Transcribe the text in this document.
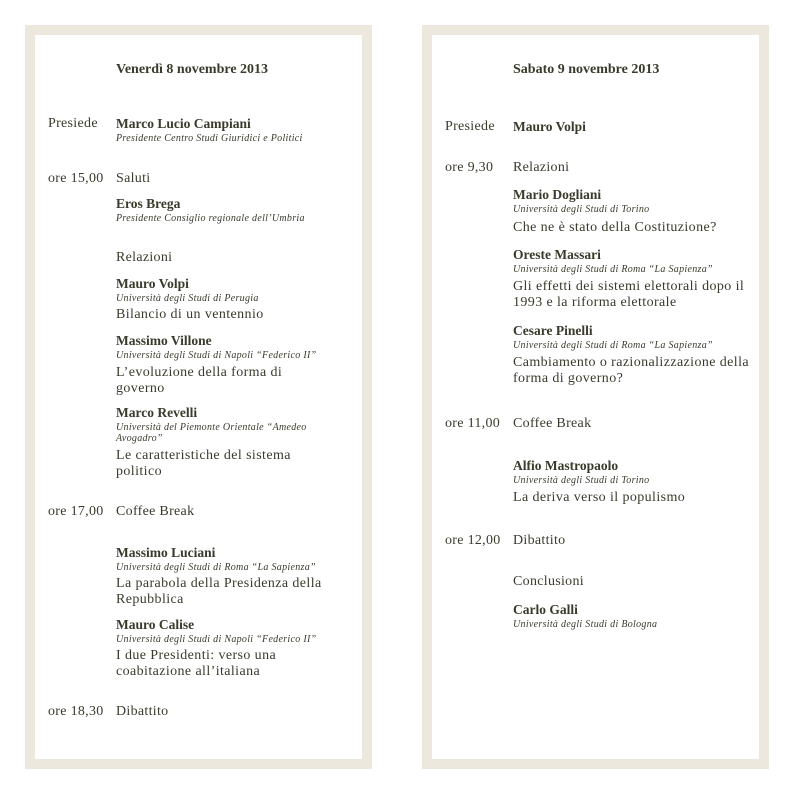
Venerdì 8 novembre 2013
Presiede Marco Lucio Campiani
Presidente Centro Studi Giuridici e Politici
ore 15,00 Saluti
Eros Brega
Presidente Consiglio regionale dell’Umbria
Relazioni
Mauro Volpi
Università degli Studi di Perugia
Bilancio di un ventennio
Massimo Villone
Università degli Studi di Napoli “Federico II”
L’evoluzione della forma di governo
Marco Revelli
Università del Piemonte Orientale “Amedeo Avogadro”
Le caratteristiche del sistema politico
ore 17,00 Coffee Break
Massimo Luciani
Università degli Studi di Roma “La Sapienza”
La parabola della Presidenza della Repubblica
Mauro Calise
Università degli Studi di Napoli “Federico II”
I due Presidenti: verso una coabitazione all’italiana
ore 18,30 Dibattito
Sabato 9 novembre 2013
Presiede Mauro Volpi
ore 9,30 Relazioni
Mario Dogliani
Università degli Studi di Torino
Che ne è stato della Costituzione?
Oreste Massari
Università degli Studi di Roma “La Sapienza”
Gli effetti dei sistemi elettorali dopo il 1993 e la riforma elettorale
Cesare Pinelli
Università degli Studi di Roma “La Sapienza”
Cambiamento o razionalizzazione della forma di governo?
ore 11,00 Coffee Break
Alfio Mastropaolo
Università degli Studi di Torino
La deriva verso il populismo
ore 12,00 Dibattito
Conclusioni
Carlo Galli
Università degli Studi di Bologna
